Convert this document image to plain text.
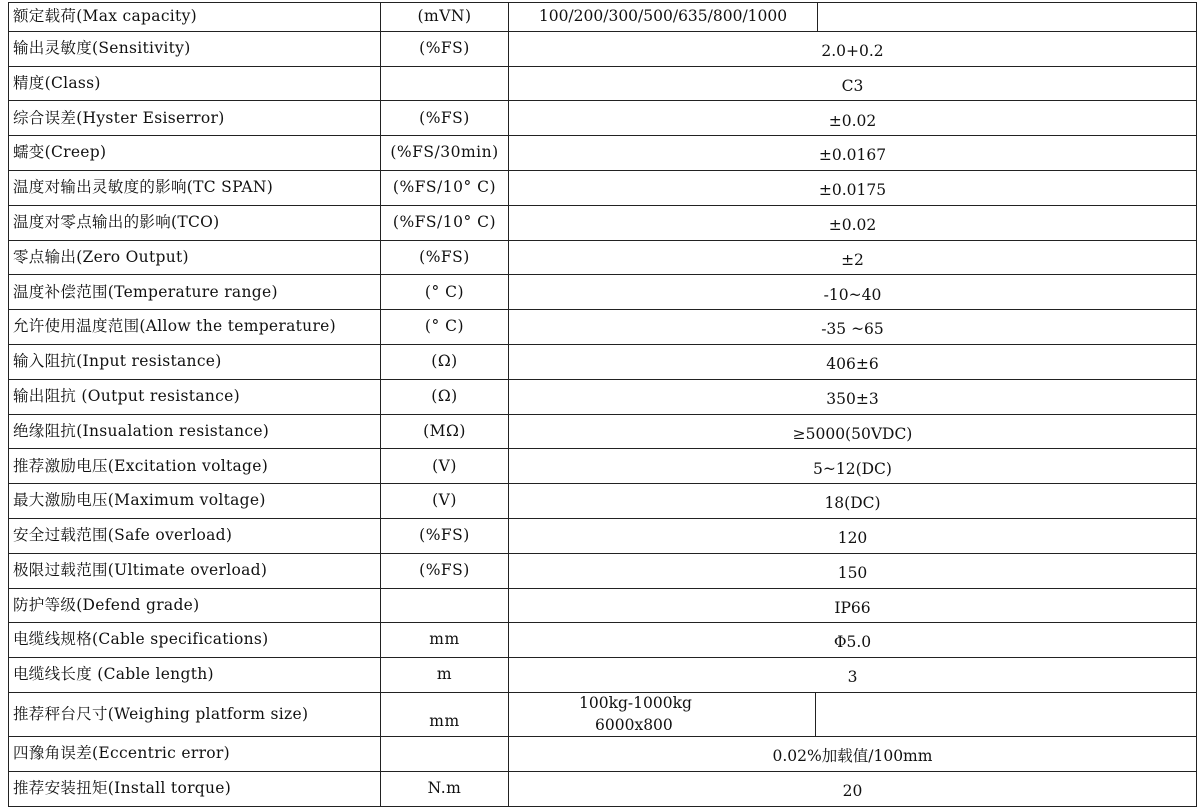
额定载荷(Max capacity)	(mVN)	100/200/300/500/635/800/1000

输出灵敏度(Sensitivity)	(%FS)	2.0+0.2
精度(Class)		C3
综合误差(Hyster Esiserror)	(%FS)	±0.02
蠕变(Creep)	(%FS/30min)	±0.0167
温度对输出灵敏度的影响(TC SPAN)	(%FS/10° C)	±0.0175
温度对零点输出的影响(TCO)	(%FS/10° C)	±0.02
零点输出(Zero Output)	(%FS)	±2
温度补偿范围(Temperature range)	(° C)	-10~40
允许使用温度范围(Allow the temperature)	(° C)	-35 ~65
输入阻抗(Input resistance)	(Ω)	406±6
输出阻抗 (Output resistance)	(Ω)	350±3
绝缘阻抗(Insualation resistance)	(MΩ)	≥5000(50VDC)
推荐激励电压(Excitation voltage)	(V)	5~12(DC)
最大激励电压(Maximum voltage)	(V)	18(DC)
安全过载范围(Safe overload)	(%FS)	120
极限过载范围(Ultimate overload)	(%FS)	150
防护等级(Defend grade)		IP66
电缆线规格(Cable specifications)	mm	Φ5.0
电缆线长度 (Cable length)	m	3
推荐秤台尺寸(Weighing platform size)	mm	100kg-1000kg
6000x800

四豫角误差(Eccentric error)		0.02%加载值/100mm
推荐安装扭矩(Install torque)	N.m	20
